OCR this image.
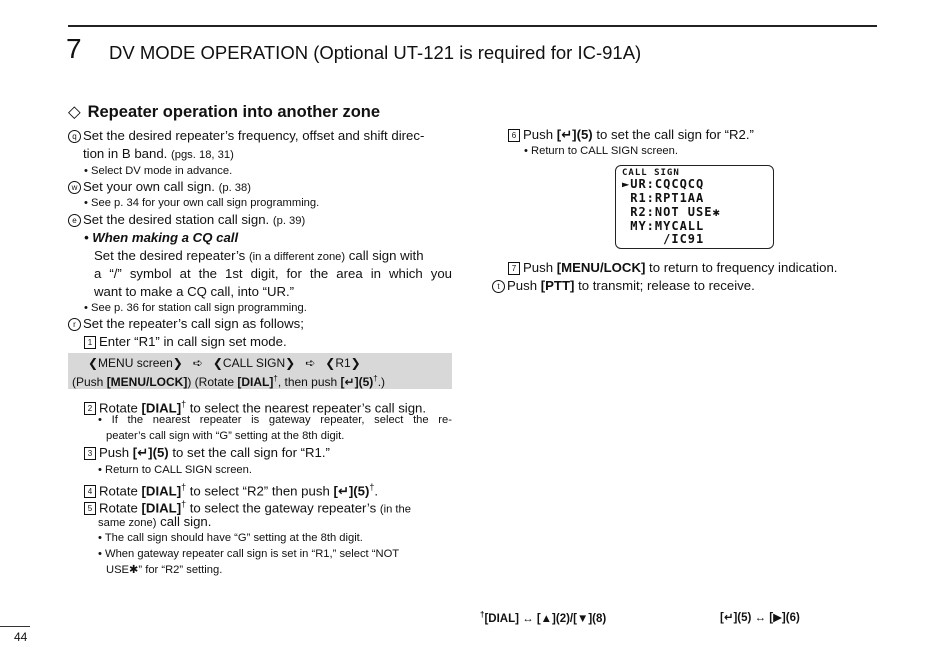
7 DV MODE OPERATION (Optional UT-121 is required for IC-91A)
◇ Repeater operation into another zone
q Set the desired repeater’s frequency, offset and shift direc-
tion in B band. (pgs. 18, 31)
• Select DV mode in advance.
w Set your own call sign. (p. 38)
• See p. 34 for your own call sign programming.
e Set the desired station call sign. (p. 39)
• When making a CQ call
Set the desired repeater’s (in a different zone) call sign with
a “/” symbol at the 1st digit, for the area in which you
want to make a CQ call, into “UR.”
• See p. 36 for station call sign programming.
r Set the repeater’s call sign as follows;
1 Enter “R1” in call sign set mode.
❮MENU screen❯   ➪   ❮CALL SIGN❯   ➪   ❮R1❯
(Push [MENU/LOCK]) (Rotate [DIAL]†, then push [↵](5)†.)
2 Rotate [DIAL]† to select the nearest repeater’s call sign.
• If the nearest repeater is gateway repeater, select the re-
peater’s call sign with “G” setting at the 8th digit.
3 Push [↵](5) to set the call sign for “R1.”
• Return to CALL SIGN screen.
4 Rotate [DIAL]† to select “R2” then push [↵](5)†.
5 Rotate [DIAL]† to select the gateway repeater’s (in the
same zone) call sign.
• The call sign should have “G” setting at the 8th digit.
• When gateway repeater call sign is set in “R1,” select “NOT
USE✱” for “R2” setting.
6 Push [↵](5) to set the call sign for “R2.”
• Return to CALL SIGN screen.
7 Push [MENU/LOCK] to return to frequency indication.
t Push [PTT] to transmit; release to receive.
CALL SIGN
►UR:CQCQCQ
R1:RPT1AA
R2:NOT USE✱
MY:MYCALL
/IC91
†[DIAL] ↔ [▲](2)/[▼](8)	[↵](5) ↔ [▶](6)
44
